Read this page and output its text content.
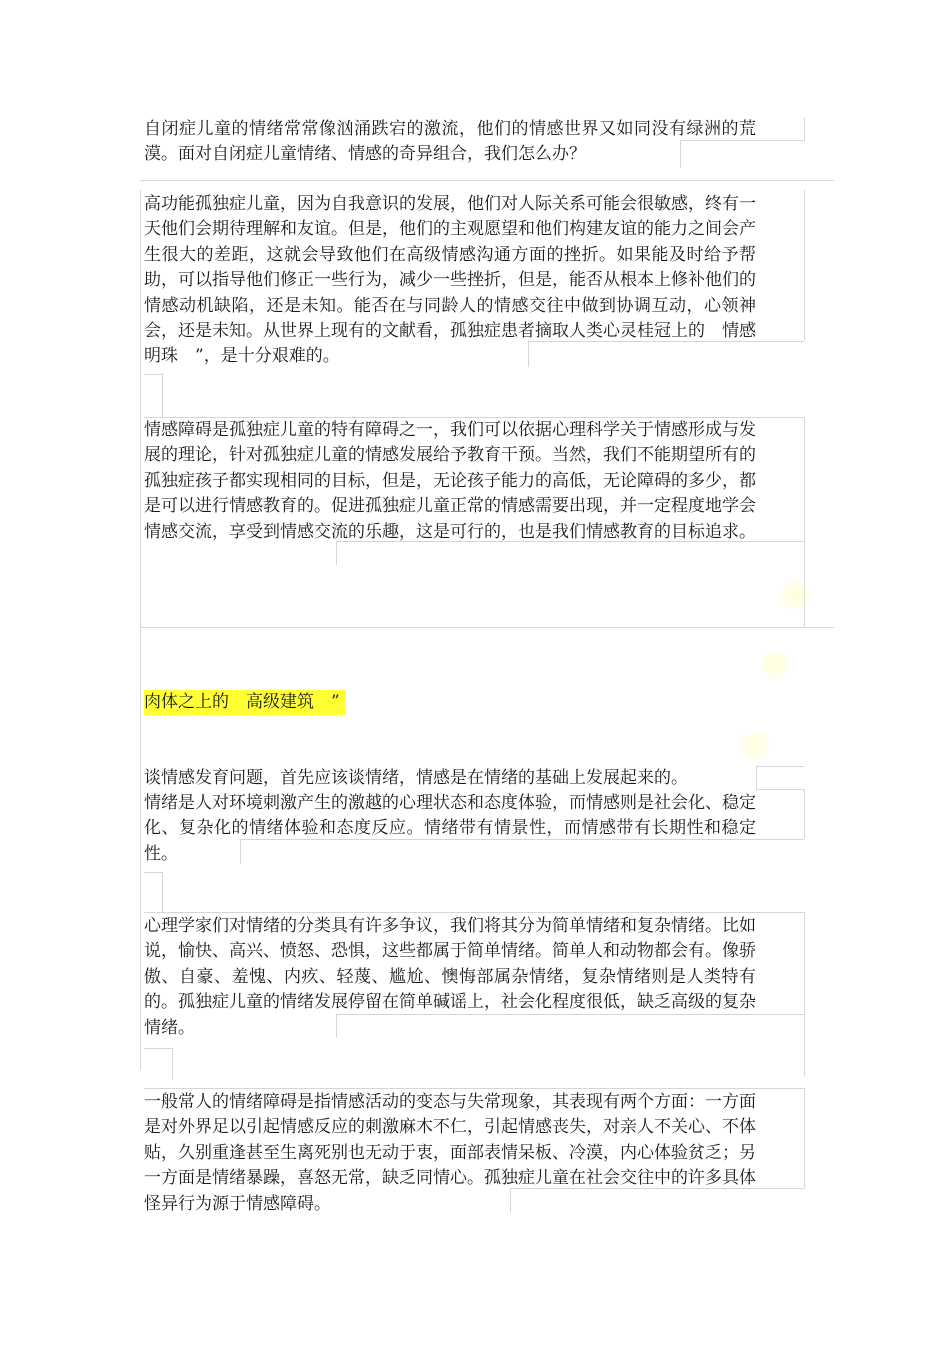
自闭症儿童的情绪常常像汹涌跌宕的激流，他们的情感世界又如同没有绿洲的荒漠。面对自闭症儿童情绪、情感的奇异组合，我们怎么办？

高功能孤独症儿童，因为自我意识的发展，他们对人际关系可能会很敏感，终有一天他们会期待理解和友谊。但是，他们的主观愿望和他们构建友谊的能力之间会产生很大的差距，这就会导致他们在高级情感沟通方面的挫折。如果能及时给予帮助，可以指导他们修正一些行为，减少一些挫折，但是，能否从根本上修补他们的情感动机缺陷，还是未知。能否在与同龄人的情感交往中做到协调互动，心领神会，还是未知。从世界上现有的文献看，孤独症患者摘取人类心灵桂冠上的　情感明珠　”，是十分艰难的。

情感障碍是孤独症儿童的特有障碍之一，我们可以依据心理科学关于情感形成与发展的理论，针对孤独症儿童的情感发展给予教育干预。当然，我们不能期望所有的孤独症孩子都实现相同的目标，但是，无论孩子能力的高低，无论障碍的多少，都是可以进行情感教育的。促进孤独症儿童正常的情感需要出现，并一定程度地学会情感交流，享受到情感交流的乐趣，这是可行的，也是我们情感教育的目标追求。

肉体之上的　高级建筑　”

谈情感发育问题，首先应该谈情绪，情感是在情绪的基础上发展起来的。

情绪是人对环境刺激产生的激越的心理状态和态度体验，而情感则是社会化、稳定化、复杂化的情绪体验和态度反应。情绪带有情景性，而情感带有长期性和稳定性。

心理学家们对情绪的分类具有许多争议，我们将其分为简单情绪和复杂情绪。比如说，愉快、高兴、愤怒、恐惧，这些都属于简单情绪。简单人和动物都会有。像骄傲、自豪、羞愧、内疚、轻蔑、尴尬、懊悔部属杂情绪，复杂情绪则是人类特有的。孤独症儿童的情绪发展停留在简单碱谣上，社会化程度很低，缺乏高级的复杂情绪。

一般常人的情绪障碍是指情感活动的变态与失常现象，其表现有两个方面：一方面是对外界足以引起情感反应的刺激麻木不仁，引起情感丧失，对亲人不关心、不体贴，久别重逢甚至生离死别也无动于衷，面部表情呆板、冷漠，内心体验贫乏；另一方面是情绪暴躁，喜怒无常，缺乏同情心。孤独症儿童在社会交往中的许多具体怪异行为源于情感障碍。
